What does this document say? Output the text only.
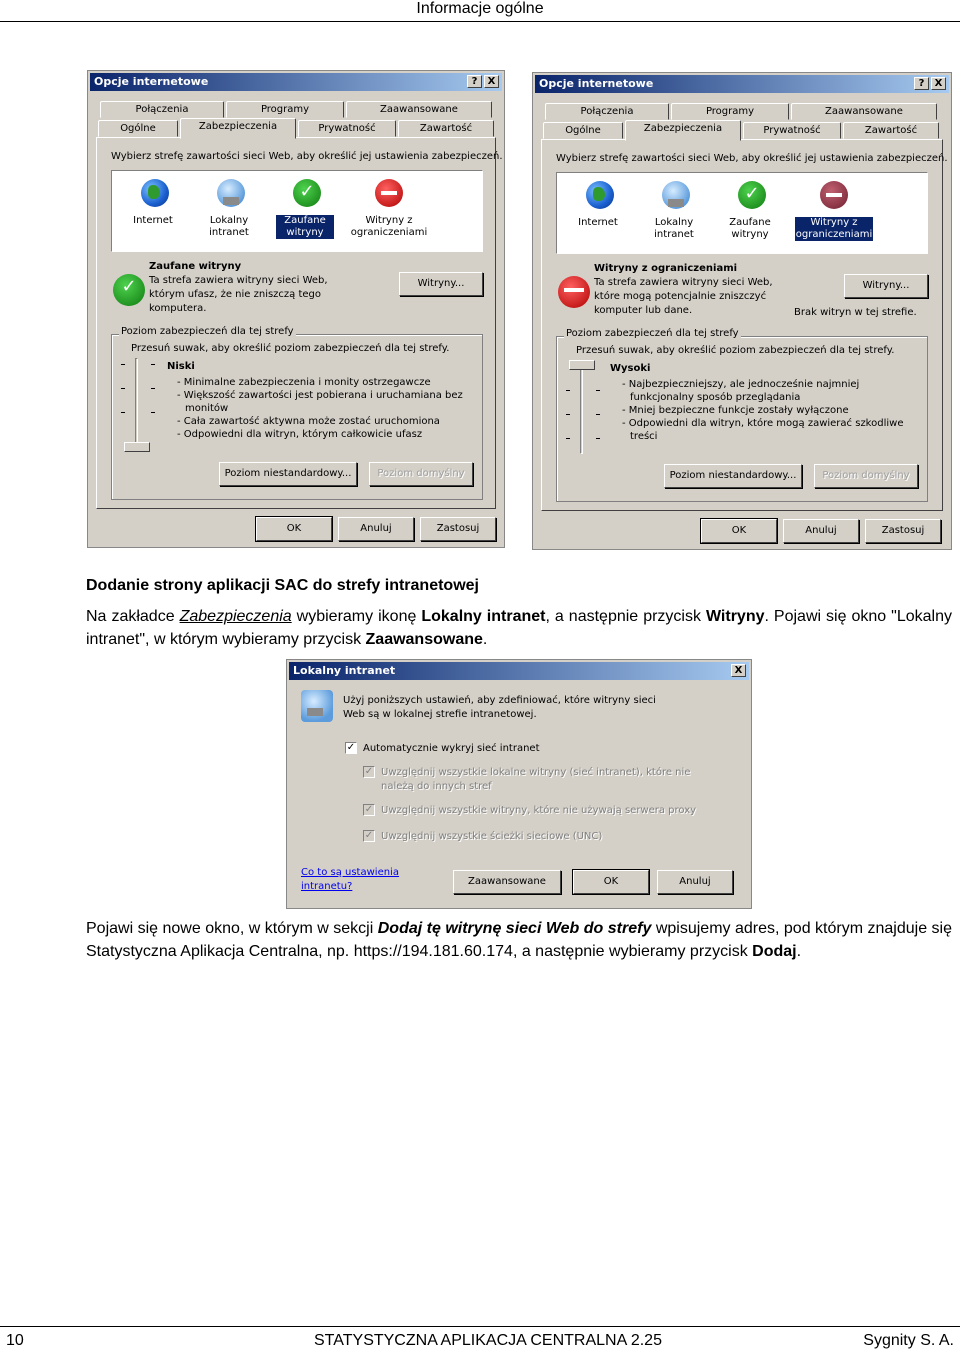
Informacje ogólne
Opcje internetowe	?	X
Połączenia	Programy	Zaawansowane
Ogólne	Zabezpieczenia	Prywatność	Zawartość
Wybierz strefę zawartości sieci Web, aby określić jej ustawienia zabezpieczeń.
Internet	Lokalny intranet
✓
Zaufane witryny
Witryny z ograniczeniami
Zaufane witryny
✓
Ta strefa zawiera witryny sieci Web,
którym ufasz, że nie zniszczą tego
komputera.
Witryny...
Poziom zabezpieczeń dla tej strefy
Przesuń suwak, aby określić poziom zabezpieczeń dla tej strefy.
Niski
- Minimalne zabezpieczenia i monity ostrzegawcze
- Większość zawartości jest pobierana i uruchamiana bez
monitów
- Cała zawartość aktywna może zostać uruchomiona
- Odpowiedni dla witryn, którym całkowicie ufasz
Poziom niestandardowy...	Poziom domyślny
OK	Anuluj	Zastosuj
Opcje internetowe	?	X
Połączenia	Programy	Zaawansowane
Ogólne	Zabezpieczenia	Prywatność	Zawartość
Wybierz strefę zawartości sieci Web, aby określić jej ustawienia zabezpieczeń.
Internet	Lokalny intranet
✓
Zaufane witryny
Witryny z ograniczeniami
Witryny z ograniczeniami
Ta strefa zawiera witryny sieci Web,
które mogą potencjalnie zniszczyć
komputer lub dane.
Witryny...
Brak witryn w tej strefie.
Poziom zabezpieczeń dla tej strefy
Przesuń suwak, aby określić poziom zabezpieczeń dla tej strefy.
Wysoki
- Najbezpieczniejszy, ale jednocześnie najmniej
funkcjonalny sposób przeglądania
- Mniej bezpieczne funkcje zostały wyłączone
- Odpowiedni dla witryn, które mogą zawierać szkodliwe
treści
Poziom niestandardowy...	Poziom domyślny
OK	Anuluj	Zastosuj
Dodanie strony aplikacji SAC do strefy intranetowej

Na zakładce Zabezpieczenia wybieramy ikonę Lokalny intranet, a następnie przycisk Witryny. Pojawi się okno "Lokalny intranet", w którym wybieramy przycisk Zaawansowane.

Lokalny intranet	X
Użyj poniższych ustawień, aby zdefiniować, które witryny sieci
Web są w lokalnej strefie intranetowej.
✓ Automatycznie wykryj sieć intranet
✓ Uwzględnij wszystkie lokalne witryny (sieć intranet), które nie
należą do innych stref
✓ Uwzględnij wszystkie witryny, które nie używają serwera proxy
✓ Uwzględnij wszystkie ścieżki sieciowe (UNC)
Co to są ustawienia
intranetu?	Zaawansowane	OK	Anuluj

Pojawi się nowe okno, w którym w sekcji Dodaj tę witrynę sieci Web do strefy wpisujemy adres, pod którym znajduje się Statystyczna Aplikacja Centralna, np. https://194.181.60.174, a następnie wybieramy przycisk Dodaj.

10	STATYSTYCZNA APLIKACJA CENTRALNA 2.25	Sygnity S. A.
